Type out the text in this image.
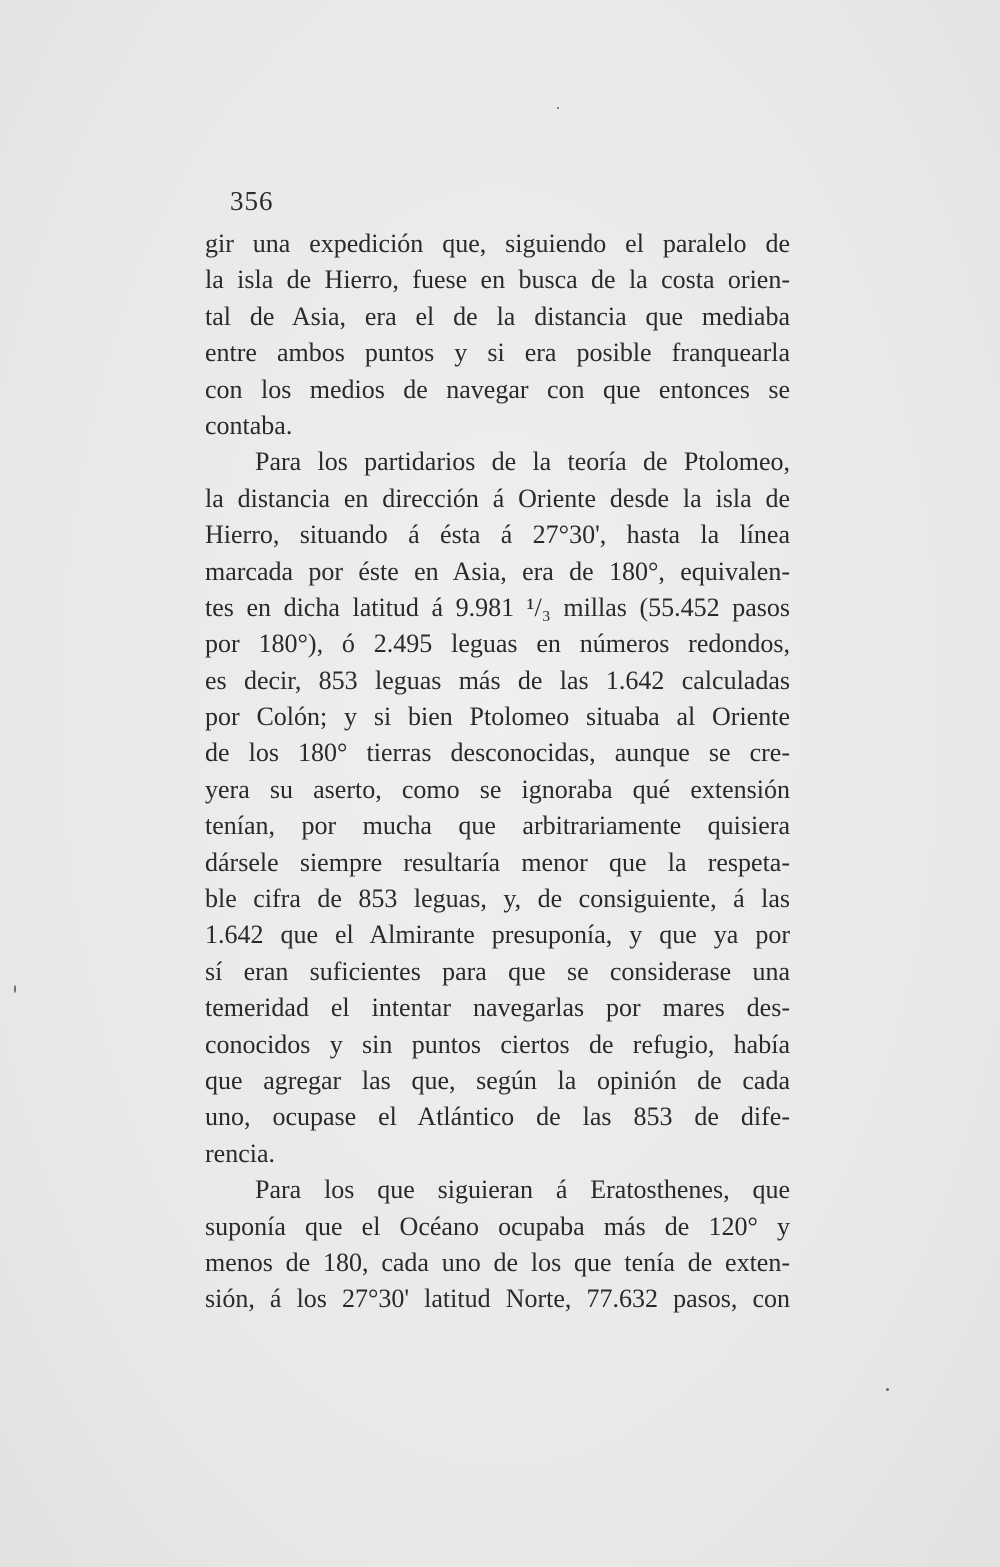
356
gir una expedición que, siguiendo el paralelo de
la isla de Hierro, fuese en busca de la costa orien-
tal de Asia, era el de la distancia que mediaba
entre ambos puntos y si era posible franquearla
con los medios de navegar con que entonces se
contaba.
Para los partidarios de la teoría de Ptolomeo,
la distancia en dirección á Oriente desde la isla de
Hierro, situando á ésta á 27°30', hasta la línea
marcada por éste en Asia, era de 180°, equivalen-
tes en dicha latitud á 9.981 ¹/₃ millas (55.452 pasos
por 180°), ó 2.495 leguas en números redondos,
es decir, 853 leguas más de las 1.642 calculadas
por Colón; y si bien Ptolomeo situaba al Oriente
de los 180° tierras desconocidas, aunque se cre-
yera su aserto, como se ignoraba qué extensión
tenían, por mucha que arbitrariamente quisiera
dársele siempre resultaría menor que la respeta-
ble cifra de 853 leguas, y, de consiguiente, á las
1.642 que el Almirante presuponía, y que ya por
sí eran suficientes para que se considerase una
temeridad el intentar navegarlas por mares des-
conocidos y sin puntos ciertos de refugio, había
que agregar las que, según la opinión de cada
uno, ocupase el Atlántico de las 853 de dife-
rencia.
Para los que siguieran á Eratosthenes, que
suponía que el Océano ocupaba más de 120° y
menos de 180, cada uno de los que tenía de exten-
sión, á los 27°30' latitud Norte, 77.632 pasos, con
